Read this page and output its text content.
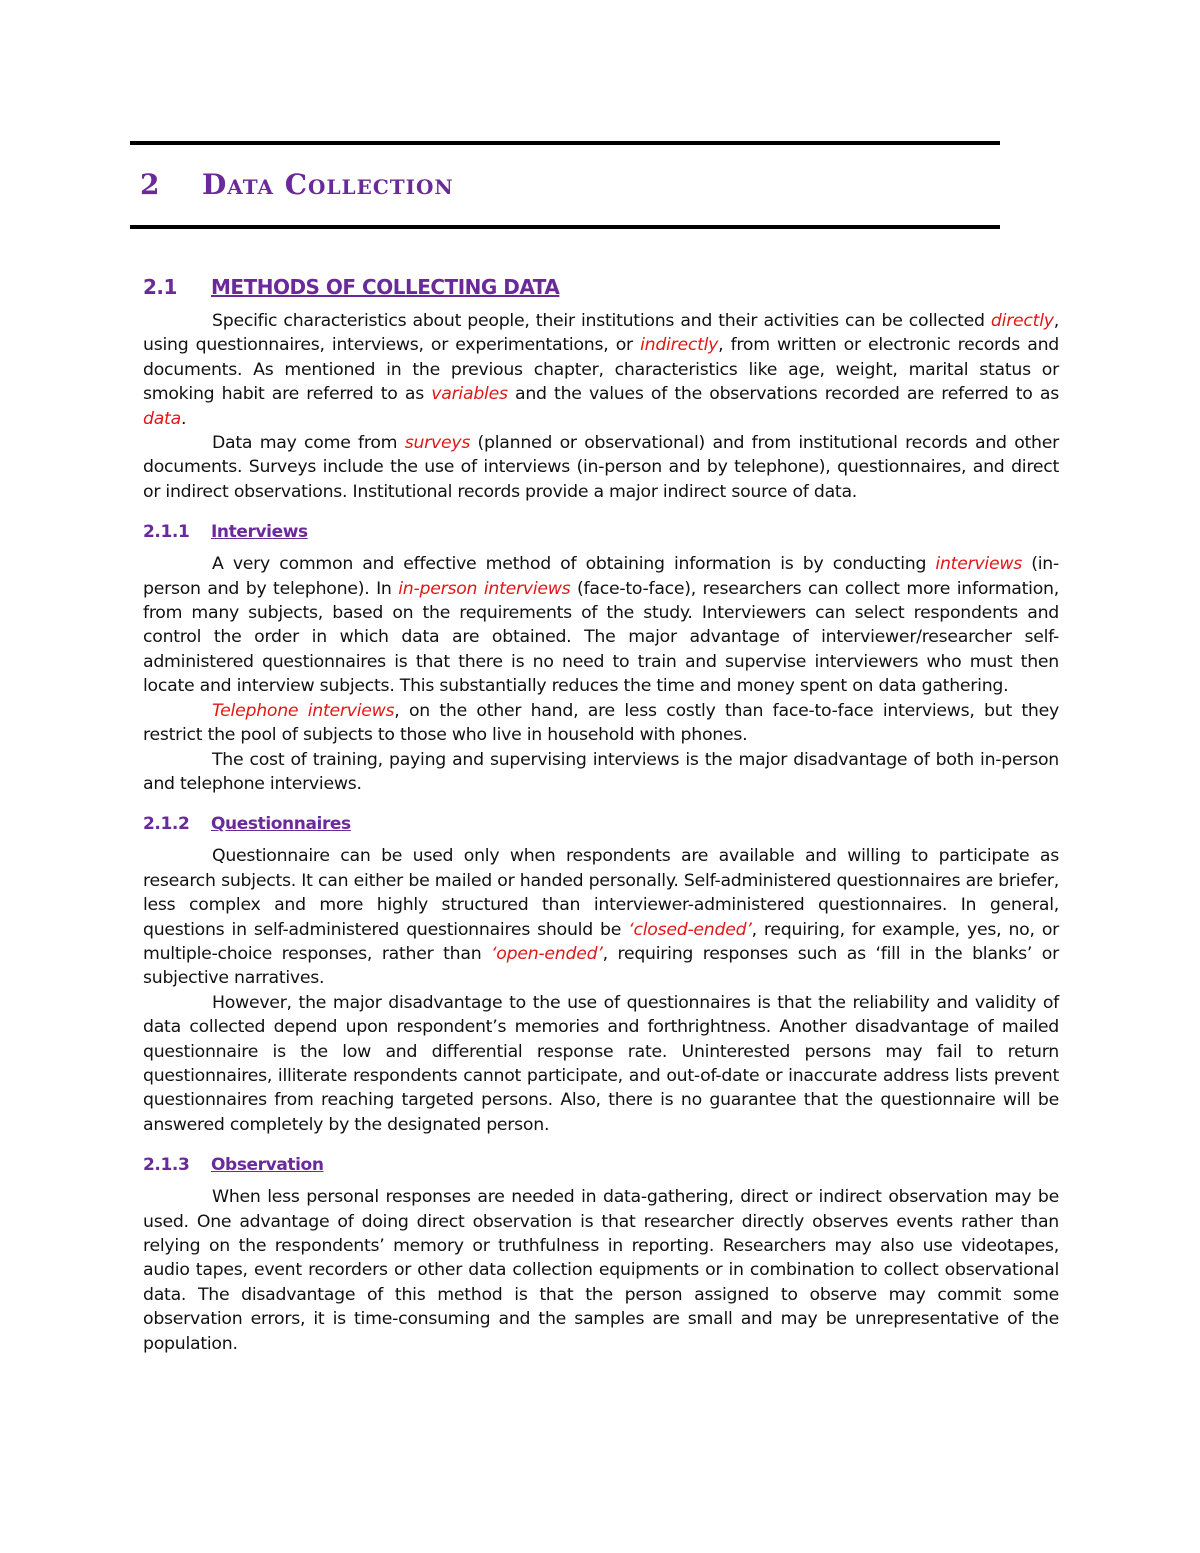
2 Data Collection
2.1 METHODS OF COLLECTING DATA

Specific characteristics about people, their institutions and their activities can be collected directly, using questionnaires, interviews, or experimentations, or indirectly, from written or electronic records and documents. As mentioned in the previous chapter, characteristics like age, weight, marital status or smoking habit are referred to as variables and the values of the observations recorded are referred to as data.

Data may come from surveys (planned or observational) and from institutional records and other documents. Surveys include the use of interviews (in-person and by telephone), questionnaires, and direct or indirect observations. Institutional records provide a major indirect source of data.

2.1.1 Interviews

A very common and effective method of obtaining information is by conducting interviews (in-person and by telephone). In in-person interviews (face-to-face), researchers can collect more information, from many subjects, based on the requirements of the study. Interviewers can select respondents and control the order in which data are obtained. The major advantage of interviewer/researcher self-administered questionnaires is that there is no need to train and supervise interviewers who must then locate and interview subjects. This substantially reduces the time and money spent on data gathering.

Telephone interviews, on the other hand, are less costly than face-to-face interviews, but they restrict the pool of subjects to those who live in household with phones.

The cost of training, paying and supervising interviews is the major disadvantage of both in-person and telephone interviews.

2.1.2 Questionnaires

Questionnaire can be used only when respondents are available and willing to participate as research subjects. It can either be mailed or handed personally. Self-administered questionnaires are briefer, less complex and more highly structured than interviewer-administered questionnaires. In general, questions in self-administered questionnaires should be ‘closed-ended’, requiring, for example, yes, no, or multiple-choice responses, rather than ‘open-ended’, requiring responses such as ‘fill in the blanks’ or subjective narratives.

However, the major disadvantage to the use of questionnaires is that the reliability and validity of data collected depend upon respondent’s memories and forthrightness. Another disadvantage of mailed questionnaire is the low and differential response rate. Uninterested persons may fail to return questionnaires, illiterate respondents cannot participate, and out-of-date or inaccurate address lists prevent questionnaires from reaching targeted persons. Also, there is no guarantee that the questionnaire will be answered completely by the designated person.

2.1.3 Observation

When less personal responses are needed in data-gathering, direct or indirect observation may be used. One advantage of doing direct observation is that researcher directly observes events rather than relying on the respondents’ memory or truthfulness in reporting. Researchers may also use videotapes, audio tapes, event recorders or other data collection equipments or in combination to collect observational data. The disadvantage of this method is that the person assigned to observe may commit some observation errors, it is time-consuming and the samples are small and may be unrepresentative of the population.
